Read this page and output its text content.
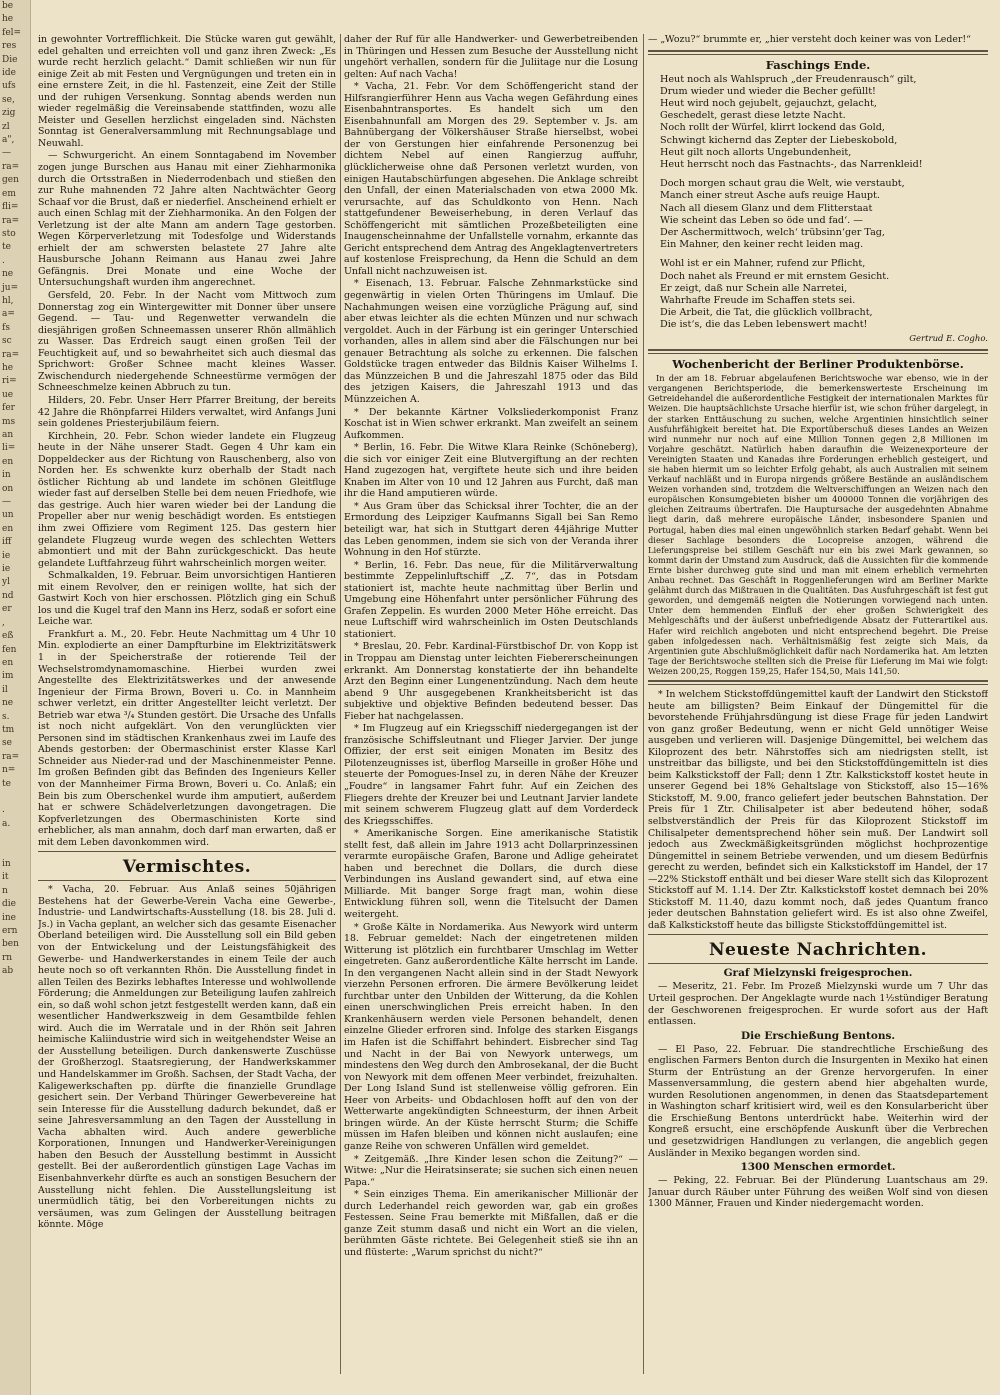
be
he
fel=
res
Die
ide
ufs
se,
zig
zl
a",
—
ra=
gen
em
fli=
ra=
sto
te
.
ne
ju=
hl,
a=
fs
sc
ra=
he
ri=
ue
fer
ms
an
li=
en
in
on
—
un
en
iff
ie
ie
yl
nd
er
,
eß
fen
en
im
il
ne
s.
tm
se
ra=
n=
te

.
a.

in
it
n
die
ine
ern
ben
rn
ab

in gewohnter Vortrefflichkeit. Die Stücke waren gut gewählt, edel gehalten und erreichten voll und ganz ihren Zweck: „Es wurde recht herzlich gelacht.“ Damit schließen wir nun für einige Zeit ab mit Festen und Vergnügungen und treten ein in eine ernstere Zeit, in die hl. Fastenzeit, eine Zeit der Stille und der ruhigen Versenkung. Sonntag abends werden nun wieder regelmäßig die Vereinsabende stattfinden, wozu alle Meister und Gesellen herzlichst eingeladen sind. Nächsten Sonntag ist Generalversammlung mit Rechnungsablage und Neuwahl.

— Schwurgericht. An einem Sonntagabend im November zogen junge Burschen aus Hanau mit einer Ziehharmonika durch die Ortsstraßen in Niederrodenbach und stießen den zur Ruhe mahnenden 72 Jahre alten Nachtwächter Georg Schaaf vor die Brust, daß er niederfiel. Anscheinend erhielt er auch einen Schlag mit der Ziehharmonika. An den Folgen der Verletzung ist der alte Mann am andern Tage gestorben. Wegen Körperverletzung mit Todesfolge und Widerstands erhielt der am schwersten belastete 27 Jahre alte Hausbursche Johann Reimann aus Hanau zwei Jahre Gefängnis. Drei Monate und eine Woche der Untersuchungshaft wurden ihm angerechnet.

Gersfeld, 20. Febr. In der Nacht vom Mittwoch zum Donnerstag zog ein Wintergewitter mit Donner über unsere Gegend. — Tau- und Regenwetter verwandeln die diesjährigen großen Schneemassen unserer Rhön allmählich zu Wasser. Das Erdreich saugt einen großen Teil der Feuchtigkeit auf, und so bewahrheitet sich auch diesmal das Sprichwort: Großer Schnee macht kleines Wasser. Zwischendurch niedergehende Schneestürme vermögen der Schneeschmelze keinen Abbruch zu tun.

Hilders, 20. Febr. Unser Herr Pfarrer Breitung, der bereits 42 Jahre die Rhönpfarrei Hilders verwaltet, wird Anfangs Juni sein goldenes Priesterjubiläum feiern.

Kirchhein, 20. Febr. Schon wieder landete ein Flugzeug heute in der Nähe unserer Stadt. Gegen 4 Uhr kam ein Doppeldecker aus der Richtung von Rauschenberg, also von Norden her. Es schwenkte kurz oberhalb der Stadt nach östlicher Richtung ab und landete im schönen Gleitfluge wieder fast auf derselben Stelle bei dem neuen Friedhofe, wie das gestrige. Auch hier waren wieder bei der Landung die Propeller aber nur wenig beschädigt worden. Es entstiegen ihm zwei Offiziere vom Regiment 125. Das gestern hier gelandete Flugzeug wurde wegen des schlechten Wetters abmontiert und mit der Bahn zurückgeschickt. Das heute gelandete Luftfahrzeug führt wahrscheinlich morgen weiter.

Schmalkalden, 19. Februar. Beim unvorsichtigen Hantieren mit einem Revolver, den er reinigen wollte, hat sich der Gastwirt Koch von hier erschossen. Plötzlich ging ein Schuß los und die Kugel traf den Mann ins Herz, sodaß er sofort eine Leiche war.

Frankfurt a. M., 20. Febr. Heute Nachmittag um 4 Uhr 10 Min. explodierte an einer Dampfturbine im Elektrizitätswerk 1 in der Speicherstraße der rotierende Teil der Wechselstromdynamomaschine. Hierbei wurden zwei Angestellte des Elektrizitätswerkes und der anwesende Ingenieur der Firma Brown, Boveri u. Co. in Mannheim schwer verletzt, ein dritter Angestellter leicht verletzt. Der Betrieb war etwa ³/₄ Stunden gestört. Die Ursache des Unfalls ist noch nicht aufgeklärt. Von den verunglückten vier Personen sind im städtischen Krankenhaus zwei im Laufe des Abends gestorben: der Obermaschinist erster Klasse Karl Schneider aus Nieder-rad und der Maschinenmeister Penne. Im großen Befinden gibt das Befinden des Ingenieurs Keller von der Mannheimer Firma Brown, Boveri u. Co. Anlaß; ein Bein bis zum Oberschenkel wurde ihm amputiert, außerdem hat er schwere Schädelverletzungen davongetragen. Die Kopfverletzungen des Obermaschinisten Korte sind erheblicher, als man annahm, doch darf man erwarten, daß er mit dem Leben davonkommen wird.

Vermischtes.

* Vacha, 20. Februar. Aus Anlaß seines 50jährigen Bestehens hat der Gewerbe-Verein Vacha eine Gewerbe-, Industrie- und Landwirtschafts-Ausstellung (18. bis 28. Juli d. Js.) in Vacha geplant, an welcher sich das gesamte Eisenacher Oberland beteiligen wird. Die Ausstellung soll ein Bild geben von der Entwickelung und der Leistungsfähigkeit des Gewerbe- und Handwerkerstandes in einem Teile der auch heute noch so oft verkannten Rhön. Die Ausstellung findet in allen Teilen des Bezirks lebhaftes Interesse und wohlwollende Förderung; die Anmeldungen zur Beteiligung laufen zahlreich ein, so daß wohl schon jetzt festgestellt werden kann, daß ein wesentlicher Handwerkszweig in dem Gesamtbilde fehlen wird. Auch die im Werratale und in der Rhön seit Jahren heimische Kaliindustrie wird sich in weitgehendster Weise an der Ausstellung beteiligen. Durch dankenswerte Zuschüsse der Großherzogl. Staatsregierung, der Handwerkskammer und Handelskammer im Großh. Sachsen, der Stadt Vacha, der Kaligewerkschaften pp. dürfte die finanzielle Grundlage gesichert sein. Der Verband Thüringer Gewerbevereine hat sein Interesse für die Ausstellung dadurch bekundet, daß er seine Jahresversammlung an den Tagen der Ausstellung in Vacha abhalten wird. Auch andere gewerbliche Korporationen, Innungen und Handwerker-Vereinigungen haben den Besuch der Ausstellung bestimmt in Aussicht gestellt. Bei der außerordentlich günstigen Lage Vachas im Eisenbahnverkehr dürfte es auch an sonstigen Besuchern der Ausstellung nicht fehlen. Die Ausstellungsleitung ist unermüdlich tätig, bei den Vorbereitungen nichts zu versäumen, was zum Gelingen der Ausstellung beitragen könnte. Möge

daher der Ruf für alle Handwerker- und Gewerbetreibenden in Thüringen und Hessen zum Besuche der Ausstellung nicht ungehört verhallen, sondern für die Juliitage nur die Losung gelten: Auf nach Vacha!

* Vacha, 21. Febr. Vor dem Schöffengericht stand der Hilfsrangierführer Henn aus Vacha wegen Gefährdung eines Eisenbahntransportes. Es handelt sich um den Eisenbahnunfall am Morgen des 29. September v. Js. am Bahnübergang der Völkershäuser Straße hierselbst, wobei der von Gerstungen hier einfahrende Personenzug bei dichtem Nebel auf einen Rangierzug auffuhr, glücklicherweise ohne daß Personen verletzt wurden, von einigen Hautabschürfungen abgesehen. Die Anklage schreibt den Unfall, der einen Materialschaden von etwa 2000 Mk. verursachte, auf das Schuldkonto von Henn. Nach stattgefundener Beweiserhebung, in deren Verlauf das Schöffengericht mit sämtlichen Prozeßbeteiligten eine Inaugenscheinnahme der Unfallstelle vornahm, erkannte das Gericht entsprechend dem Antrag des Angeklagtenvertreters auf kostenlose Freisprechung, da Henn die Schuld an dem Unfall nicht nachzuweisen ist.

* Eisenach, 13. Februar. Falsche Zehnmarkstücke sind gegenwärtig in vielen Orten Thüringens im Umlauf. Die Nachahmungen weisen eine vorzügliche Prägung auf, sind aber etwas leichter als die echten Münzen und nur schwach vergoldet. Auch in der Färbung ist ein geringer Unterschied vorhanden, alles in allem sind aber die Fälschungen nur bei genauer Betrachtung als solche zu erkennen. Die falschen Goldstücke tragen entweder das Bildnis Kaiser Wilhelms I. das Münzzeichen B und die Jahreszahl 1875 oder das Bild des jetzigen Kaisers, die Jahreszahl 1913 und das Münzzeichen A.

* Der bekannte Kärtner Volksliederkomponist Franz Koschat ist in Wien schwer erkrankt. Man zweifelt an seinem Aufkommen.

* Berlin, 16. Febr. Die Witwe Klara Reinke (Schöneberg), die sich vor einiger Zeit eine Blutvergiftung an der rechten Hand zugezogen hat, vergiftete heute sich und ihre beiden Knaben im Alter von 10 und 12 Jahren aus Furcht, daß man ihr die Hand amputieren würde.

* Aus Gram über das Schicksal ihrer Tochter, die an der Ermordung des Leipziger Kaufmanns Sigall bei San Remo beteiligt war, hat sich in Stuttgart deren 44jährige Mutter das Leben genommen, indem sie sich von der Veranda ihrer Wohnung in den Hof stürzte.

* Berlin, 16. Febr. Das neue, für die Militärverwaltung bestimmte Zeppelinluftschiff „Z. 7“, das in Potsdam stationiert ist, machte heute nachmittag über Berlin und Umgebung eine Höhenfahrt unter persönlicher Führung des Grafen Zeppelin. Es wurden 2000 Meter Höhe erreicht. Das neue Luftschiff wird wahrscheinlich im Osten Deutschlands stationiert.

* Breslau, 20. Febr. Kardinal-Fürstbischof Dr. von Kopp ist in Troppau am Dienstag unter leichten Fiebererscheinungen erkrankt. Am Donnerstag konstatierte der ihn behandelte Arzt den Beginn einer Lungenentzündung. Nach dem heute abend 9 Uhr ausgegebenen Krankheitsbericht ist das subjektive und objektive Befinden bedeutend besser. Das Fieber hat nachgelassen.

* Im Flugzeug auf ein Kriegsschiff niedergegangen ist der französische Schiffsleutnant und Flieger Jarvier. Der junge Offizier, der erst seit einigen Monaten im Besitz des Pilotenzeugnisses ist, überflog Marseille in großer Höhe und steuerte der Pomogues-Insel zu, in deren Nähe der Kreuzer „Foudre“ in langsamer Fahrt fuhr. Auf ein Zeichen des Fliegers drehte der Kreuzer bei und Leutnant Jarvier landete mit seinem schwerem Flugzeug glatt auf dem Vorderdeck des Kriegsschiffes.

* Amerikanische Sorgen. Eine amerikanische Statistik stellt fest, daß allein im Jahre 1913 acht Dollarprinzessinen verarmte europäische Grafen, Barone und Adlige geheiratet haben und berechnet die Dollars, die durch diese Verbindungen ins Ausland gewandert sind, auf etwa eine Milliarde. Mit banger Sorge fragt man, wohin diese Entwicklung führen soll, wenn die Titelsucht der Damen weitergeht.

* Große Kälte in Nordamerika. Aus Newyork wird unterm 18. Februar gemeldet: Nach der eingetretenen milden Witterung ist plötzlich ein furchtbarer Umschlag im Wetter eingetreten. Ganz außerordentliche Kälte herrscht im Lande. In den vergangenen Nacht allein sind in der Stadt Newyork vierzehn Personen erfroren. Die ärmere Bevölkerung leidet furchtbar unter den Unbilden der Witterung, da die Kohlen einen unerschwinglichen Preis erreicht haben. In den Krankenhäusern werden viele Personen behandelt, denen einzelne Glieder erfroren sind. Infolge des starken Eisgangs im Hafen ist die Schiffahrt behindert. Eisbrecher sind Tag und Nacht in der Bai von Newyork unterwegs, um mindestens den Weg durch den Ambrosekanal, der die Bucht von Newyork mit dem offenen Meer verbindet, freizuhalten. Der Long Island Sund ist stellenweise völlig gefroren. Ein Heer von Arbeits- und Obdachlosen hofft auf den von der Wetterwarte angekündigten Schneesturm, der ihnen Arbeit bringen würde. An der Küste herrscht Sturm; die Schiffe müssen im Hafen bleiben und können nicht auslaufen; eine ganze Reihe von schweren Unfällen wird gemeldet.

* Zeitgemäß. „Ihre Kinder lesen schon die Zeitung?“ — Witwe: „Nur die Heiratsinserate; sie suchen sich einen neuen Papa.“

* Sein einziges Thema. Ein amerikanischer Millionär der durch Lederhandel reich geworden war, gab ein großes Festessen. Seine Frau bemerkte mit Mißfallen, daß er die ganze Zeit stumm dasaß und nicht ein Wort an die vielen, berühmten Gäste richtete. Bei Gelegenheit stieß sie ihn an und flüsterte: „Warum sprichst du nicht?“

— „Wozu?“ brummte er, „hier versteht doch keiner was von Leder!“

Faschings Ende.
Heut noch als Wahlspruch „der Freudenrausch“ gilt,
Drum wieder und wieder die Becher gefüllt!
Heut wird noch gejubelt, gejauchzt, gelacht,
Geschedelt, gerast diese letzte Nacht.
Noch rollt der Würfel, klirrt lockend das Gold,
Schwingt kichernd das Zepter der Liebeskobold,
Heut gilt noch allorts Ungebundenheit,
Heut herrscht noch das Fastnachts-, das Narrenkleid!
Doch morgen schaut grau die Welt, wie verstaubt,
Manch einer streut Asche aufs reuige Haupt.
Nach all diesem Glanz und dem Flitterstaat
Wie scheint das Leben so öde und fad‘. —
Der Aschermittwoch, welch‘ trübsinn‘ger Tag,
Ein Mahner, den keiner recht leiden mag.
Wohl ist er ein Mahner, rufend zur Pflicht,
Doch nahet als Freund er mit ernstem Gesicht.
Er zeigt, daß nur Schein alle Narretei,
Wahrhafte Freude im Schaffen stets sei.
Die Arbeit, die Tat, die glücklich vollbracht,
Die ist‘s, die das Leben lebenswert macht!

Gertrud E. Cogho.

Wochenbericht der Berliner Produktenbörse.

In der am 18. Februar abgelaufenen Berichtswoche war ebenso, wie in der vergangenen Berichtsperiode, die bemerkenswerteste Erscheinung im Getreidehandel die außerordentliche Festigkeit der internationalen Marktes für Weizen. Die hauptsächlichste Ursache hierfür ist, wie schon früher dargelegt, in der starken Enttäuschung zu suchen, welche Argentinien hinsichtlich seiner Ausfuhrfähigkeit bereitet hat. Die Exportüberschuß dieses Landes an Weizen wird nunmehr nur noch auf eine Million Tonnen gegen 2,8 Millionen im Vorjahre geschätzt. Natürlich haben daraufhin die Weizenexporteure der Vereinigten Staaten und Kanadas ihre Forderungen erheblich gesteigert, und sie haben hiermit um so leichter Erfolg gehabt, als auch Australien mit seinem Verkauf nachläßt und in Europa nirgends größere Bestände an ausländischem Weizen vorhanden sind, trotzdem die Weltverschiffungen an Weizen nach den europäischen Konsumgebieten bisher um 400000 Tonnen die vorjährigen des gleichen Zeitraums übertrafen. Die Hauptursache der ausgedehnten Abnahme liegt darin, daß mehrere europäische Länder, insbesondere Spanien und Portugal, haben dies mal einen ungewöhnlich starken Bedarf gehabt. Wenn bei dieser Sachlage besonders die Locopreise anzogen, während die Lieferungspreise bei stillem Geschäft nur ein bis zwei Mark gewannen, so kommt darin der Umstand zum Ausdruck, daß die Aussichten für die kommende Ernte bisher durchweg gute sind und man mit einem erheblich vermehrten Anbau rechnet. Das Geschäft in Roggenlieferungen wird am Berliner Markte gelähmt durch das Mißtrauen in die Qualitäten. Das Ausfuhrgeschäft ist fest gut geworden, und demgemäß neigten die Notierungen vorwiegend nach unten. Unter dem hemmenden Einfluß der eher großen Schwierigkeit des Mehlgeschäfts und der äußerst unbefriedigende Absatz der Futterartikel aus. Hafer wird reichlich angeboten und nicht entsprechend begehrt. Die Preise gaben infolgedessen nach. Verhältnismäßig fest zeigte sich Mais, da Argentinien gute Abschlußmöglichkeit dafür nach Nordamerika hat. Am letzten Tage der Berichtswoche stellten sich die Preise für Lieferung im Mai wie folgt: Weizen 200,25, Roggen 159,25, Hafer 154,50, Mais 141,50.

* In welchem Stickstoffdüngemittel kauft der Landwirt den Stickstoff heute am billigsten? Beim Einkauf der Düngemittel für die bevorstehende Frühjahrsdüngung ist diese Frage für jeden Landwirt von ganz großer Bedeutung, wenn er nicht Geld unnötiger Weise ausgeben und verlieren will. Dasjenige Düngemittel, bei welchem das Kiloprozent des betr. Nährstoffes sich am niedrigsten stellt, ist unstreitbar das billigste, und bei den Stickstoffdüngemitteln ist dies beim Kalkstickstoff der Fall; denn 1 Ztr. Kalkstickstoff kostet heute in unserer Gegend bei 18% Gehaltslage von Stickstoff, also 15—16% Stickstoff, M. 9.00, franco geliefert jeder beutschen Bahnstation. Der Preis für 1 Ztr. Chilisalpeter ist aber bedeutend höher, sodaß selbstverständlich der Preis für das Kiloprozent Stickstoff im Chilisalpeter dementsprechend höher sein muß. Der Landwirt soll jedoch aus Zweckmäßigkeitsgründen möglichst hochprozentige Düngemittel in seinem Betriebe verwenden, und um diesem Bedürfnis gerecht zu werden, befindet sich ein Kalkstickstoff im Handel, der 17—22% Stickstoff enthält und bei dieser Ware stellt sich das Kiloprozent Stickstoff auf M. 1.14. Der Ztr. Kalkstickstoff kostet demnach bei 20% Stickstoff M. 11.40, dazu kommt noch, daß jedes Quantum franco jeder deutschen Bahnstation geliefert wird. Es ist also ohne Zweifel, daß Kalkstickstoff heute das billigste Stickstoffdüngemittel ist.

Neueste Nachrichten.
Graf Mielzynski freigesprochen.

— Meseritz, 21. Febr. Im Prozeß Mielzynski wurde um 7 Uhr das Urteil gesprochen. Der Angeklagte wurde nach 1½stündiger Beratung der Geschworenen freigesprochen. Er wurde sofort aus der Haft entlassen.

Die Erschießung Bentons.

— El Paso, 22. Februar. Die standrechtliche Erschießung des englischen Farmers Benton durch die Insurgenten in Mexiko hat einen Sturm der Entrüstung an der Grenze hervorgerufen. In einer Massenversammlung, die gestern abend hier abgehalten wurde, wurden Resolutionen angenommen, in denen das Staatsdepartement in Washington scharf kritisiert wird, weil es den Konsularbericht über die Erschießung Bentons unterdrückt habe. Weiterhin wird der Kongreß ersucht, eine erschöpfende Auskunft über die Verbrechen und gesetzwidrigen Handlungen zu verlangen, die angeblich gegen Ausländer in Mexiko begangen worden sind.

1300 Menschen ermordet.

— Peking, 22. Februar. Bei der Plünderung Luantschaus am 29. Januar durch Räuber unter Führung des weißen Wolf sind von diesen 1300 Männer, Frauen und Kinder niedergemacht worden.
